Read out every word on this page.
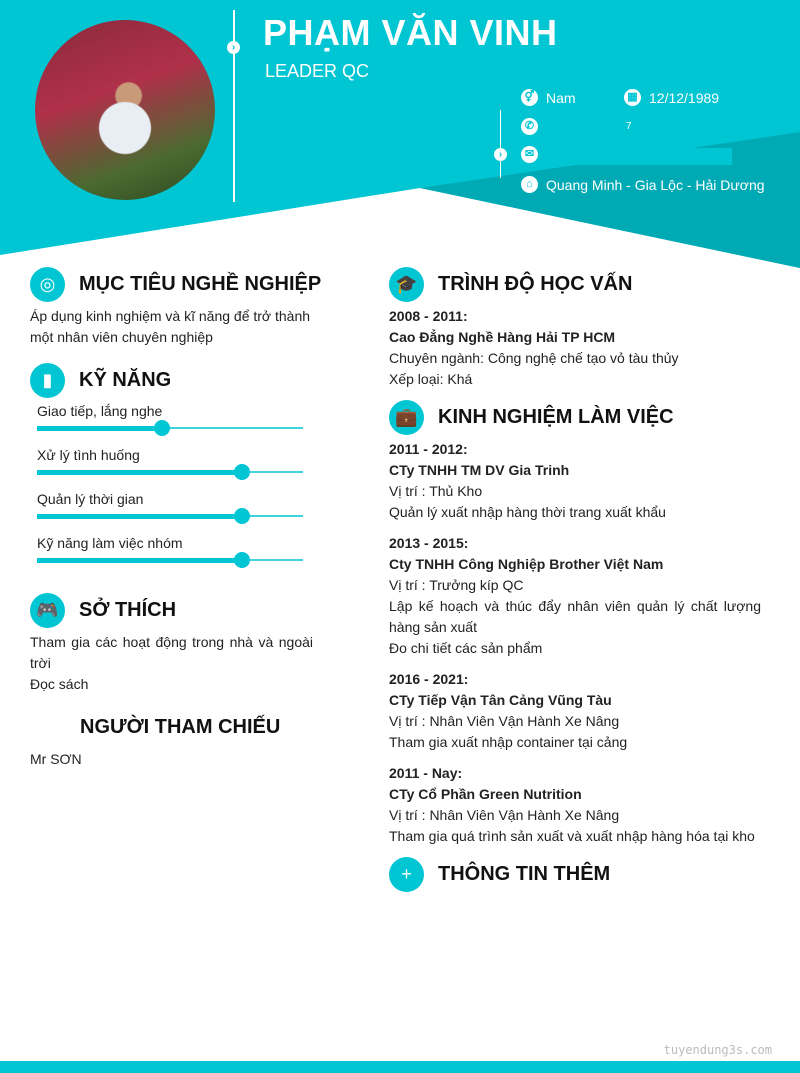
› PHẠM VĂN VINH
LEADER QC
›
⚥ Nam	▦ 12/12/1989
✆	7
✉
⌂ Quang Minh - Gia Lộc - Hải Dương
◎	MỤC TIÊU NGHỀ NGHIỆP
Áp dụng kinh nghiệm và kĩ năng để trở thành một nhân viên chuyên nghiệp
▮	KỸ NĂNG
Giao tiếp, lắng nghe
Xử lý tình huống
Quản lý thời gian
Kỹ năng làm việc nhóm
🎮	SỞ THÍCH
Tham gia các hoạt động trong nhà và ngoài trời
Đọc sách
NGƯỜI THAM CHIẾU
Mr SƠN
🎓	TRÌNH ĐỘ HỌC VẤN
2008 - 2011:
Cao Đẳng Nghề Hàng Hải TP HCM
Chuyên ngành: Công nghệ chế tạo vỏ tàu thủy
Xếp loại: Khá
💼	KINH NGHIỆM LÀM VIỆC
2011 - 2012:
CTy TNHH TM DV Gia Trinh
Vị trí : Thủ Kho
Quản lý xuất nhập hàng thời trang xuất khẩu
2013 - 2015:
Cty TNHH Công Nghiệp Brother Việt Nam
Vị trí : Trưởng kíp QC
Lập kế hoạch và thúc đẩy nhân viên quản lý chất lượng hàng sản xuất
Đo chi tiết các sản phẩm
2016 - 2021:
CTy Tiếp Vận Tân Cảng Vũng Tàu
Vị trí : Nhân Viên Vận Hành Xe Nâng
Tham gia xuất nhập container tại cảng
2011 - Nay:
CTy Cổ Phần Green Nutrition
Vị trí : Nhân Viên Vận Hành Xe Nâng
Tham gia quá trình sản xuất và xuất nhập hàng hóa tại kho
+	THÔNG TIN THÊM
tuyendung3s.com
